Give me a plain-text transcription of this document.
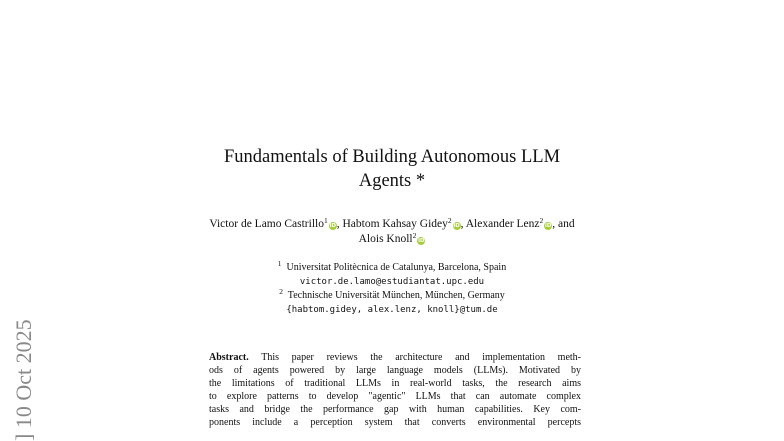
Fundamentals of Building Autonomous LLM
Agents *
Victor de Lamo Castrillo$^1$iD, Habtom Kahsay Gidey$^2$iD, Alexander Lenz$^2$iD, and
Alois Knoll$^2$iD
$^1$ Universitat Politècnica de Catalunya, Barcelona, Spain
victor.de.lamo@estudiantat.upc.edu
$^2$ Technische Universität München, München, Germany
{habtom.gidey, alex.lenz, knoll}@tum.de
Abstract. This paper reviews the architecture and implementation meth-
ods of agents powered by large language models (LLMs). Motivated by
the limitations of traditional LLMs in real-world tasks, the research aims
to explore patterns to develop "agentic" LLMs that can automate complex
tasks and bridge the performance gap with human capabilities. Key com-
ponents include a perception system that converts environmental percepts
] 10 Oct 2025
